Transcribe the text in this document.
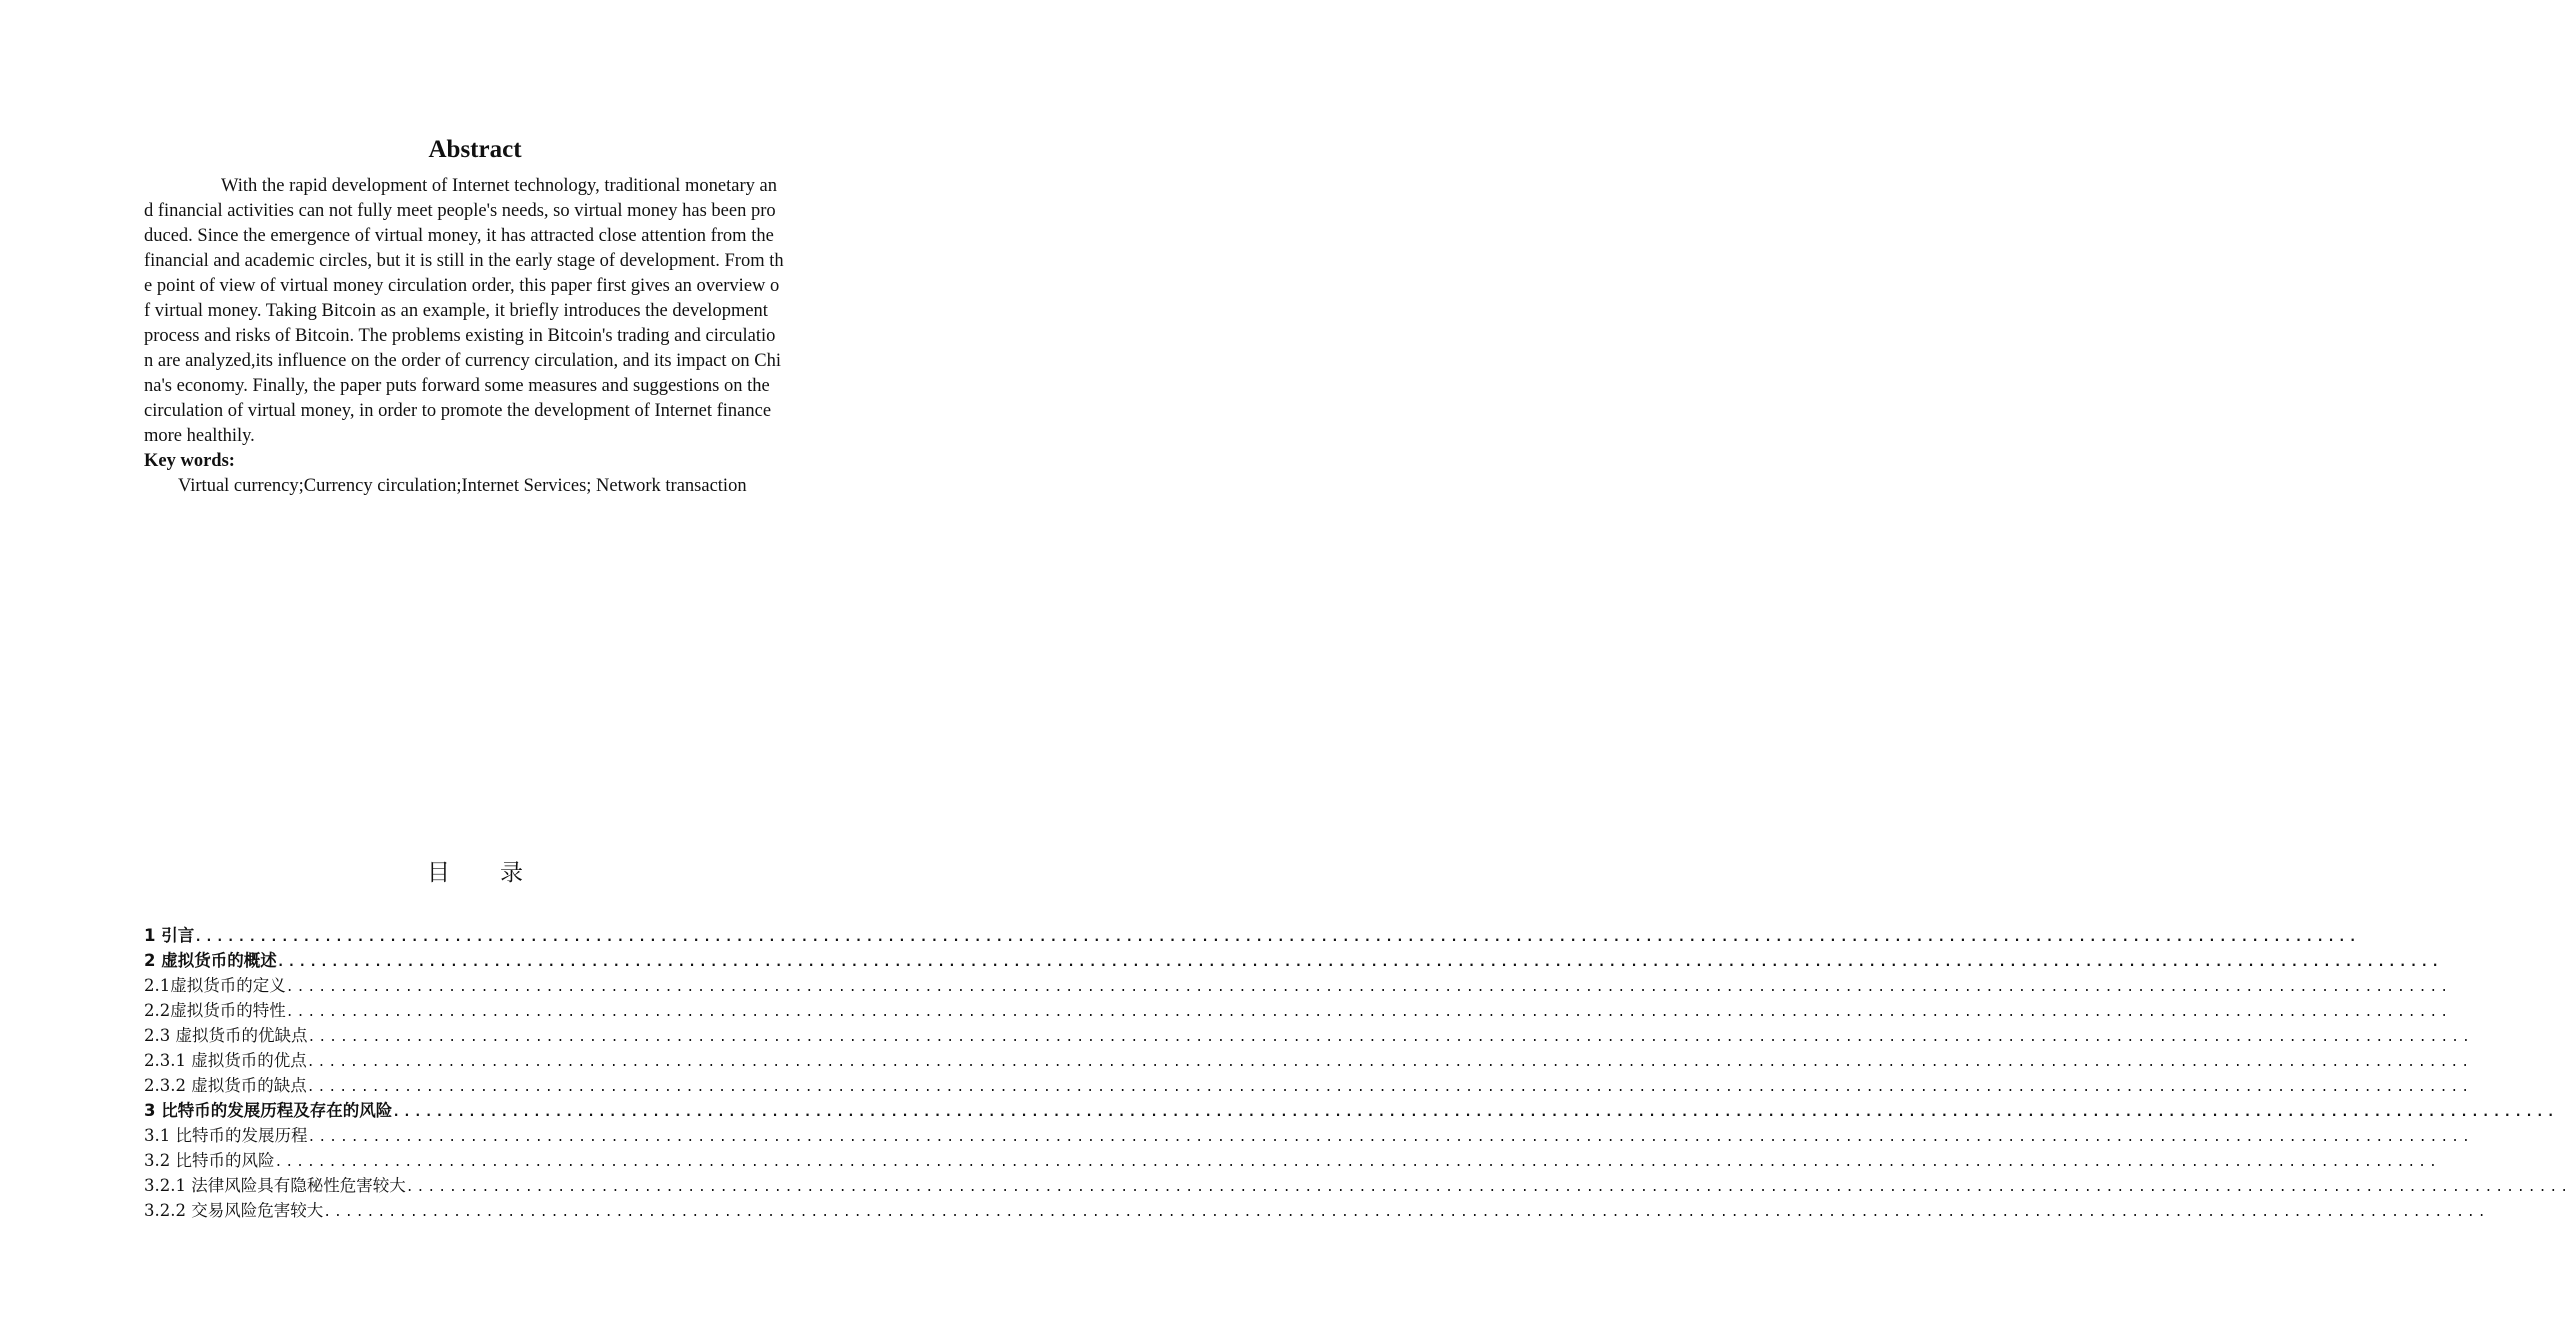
Abstract
With the rapid development of Internet technology, traditional monetary an
d financial activities can not fully meet people's needs, so virtual money has been pro
duced. Since the emergence of virtual money, it has attracted close attention from the
financial and academic circles, but it is still in the early stage of development. From th
e point of view of virtual money circulation order, this paper first gives an overview o
f virtual money. Taking Bitcoin as an example, it briefly introduces the development
process and risks of Bitcoin. The problems existing in Bitcoin's trading and circulatio
n are analyzed,its influence on the order of currency circulation, and its impact on Chi
na's economy. Finally, the paper puts forward some measures and suggestions on the
circulation of virtual money, in order to promote the development of Internet finance
more healthily.
Key words:
Virtual currency;Currency circulation;Internet Services; Network transaction
目 录
1 引言 ........................................................................................................................................................................................................
2 虚拟货币的概述 ........................................................................................................................................................................................................
2.1虚拟货币的定义 ........................................................................................................................................................................................................
2.2虚拟货币的特性 ........................................................................................................................................................................................................
2.3 虚拟货币的优缺点 ........................................................................................................................................................................................................
2.3.1 虚拟货币的优点 ........................................................................................................................................................................................................
2.3.2 虚拟货币的缺点 ........................................................................................................................................................................................................
3 比特币的发展历程及存在的风险 ........................................................................................................................................................................................................
3.1 比特币的发展历程 ........................................................................................................................................................................................................
3.2 比特币的风险 ........................................................................................................................................................................................................
3.2.1 法律风险具有隐秘性危害较大 ........................................................................................................................................................................................................
3.2.2 交易风险危害较大 ........................................................................................................................................................................................................
